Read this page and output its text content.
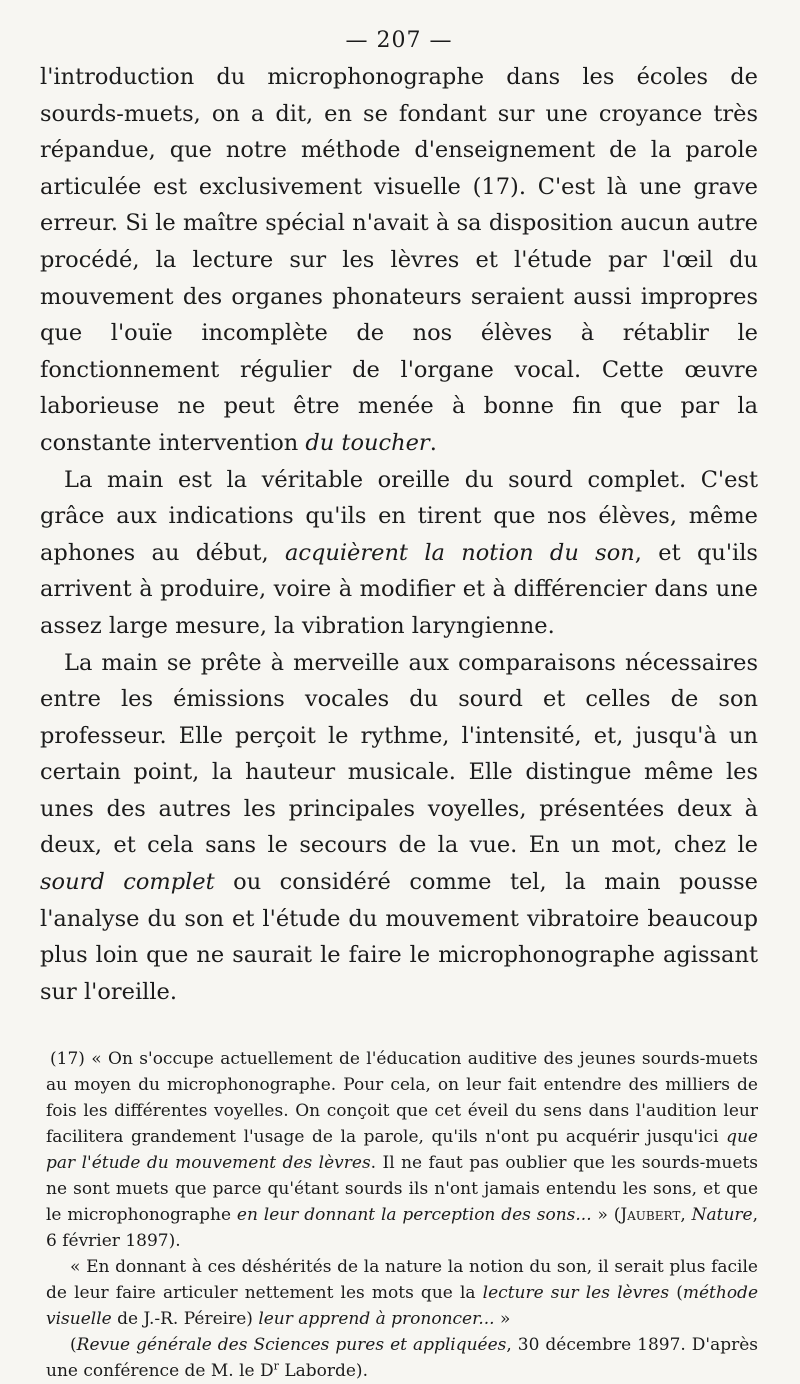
— 207 —

l'introduction du microphonographe dans les écoles de sourds-muets, on a dit, en se fondant sur une croyance très répandue, que notre méthode d'enseignement de la parole articulée est exclusivement visuelle (17). C'est là une grave erreur. Si le maître spécial n'avait à sa disposition aucun autre procédé, la lecture sur les lèvres et l'étude par l'œil du mouvement des organes phonateurs seraient aussi impropres que l'ouïe incomplète de nos élèves à rétablir le fonctionnement régulier de l'organe vocal. Cette œuvre laborieuse ne peut être menée à bonne fin que par la constante intervention du toucher.

La main est la véritable oreille du sourd complet. C'est grâce aux indications qu'ils en tirent que nos élèves, même aphones au début, acquièrent la notion du son, et qu'ils arrivent à produire, voire à modifier et à différencier dans une assez large mesure, la vibration laryngienne.

La main se prête à merveille aux comparaisons nécessaires entre les émissions vocales du sourd et celles de son professeur. Elle perçoit le rythme, l'intensité, et, jusqu'à un certain point, la hauteur musicale. Elle distingue même les unes des autres les principales voyelles, présentées deux à deux, et cela sans le secours de la vue. En un mot, chez le sourd complet ou considéré comme tel, la main pousse l'analyse du son et l'étude du mouvement vibratoire beaucoup plus loin que ne saurait le faire le microphonographe agissant sur l'oreille.

(17) « On s'occupe actuellement de l'éducation auditive des jeunes sourds-muets au moyen du microphonographe. Pour cela, on leur fait entendre des milliers de fois les différentes voyelles. On conçoit que cet éveil du sens dans l'audition leur facilitera grandement l'usage de la parole, qu'ils n'ont pu acquérir jusqu'ici que par l'étude du mouvement des lèvres. Il ne faut pas oublier que les sourds-muets ne sont muets que parce qu'étant sourds ils n'ont jamais entendu les sons, et que le microphonographe en leur donnant la perception des sons... » (Jaubert, Nature, 6 février 1897).

« En donnant à ces déshérités de la nature la notion du son, il serait plus facile de leur faire articuler nettement les mots que la lecture sur les lèvres (méthode visuelle de J.-R. Péreire) leur apprend à prononcer... »

(Revue générale des Sciences pures et appliquées, 30 décembre 1897. D'après une conférence de M. le $D^r$ Laborde).
